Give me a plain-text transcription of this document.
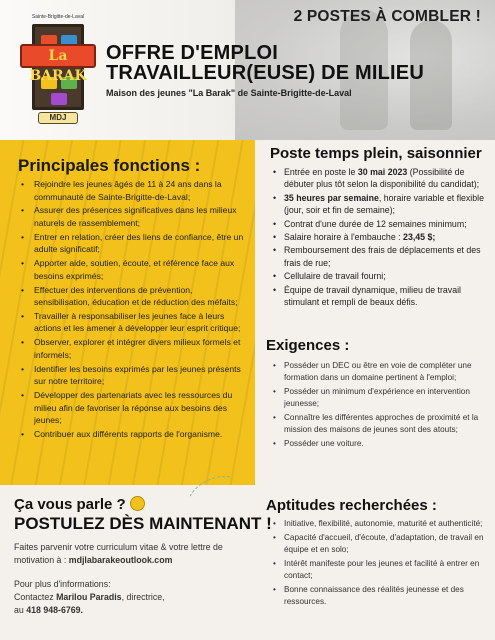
2 POSTES À COMBLER !
Sainte-Brigitte-de-Laval
La BARAK
MDJ
OFFRE D'EMPLOI
TRAVAILLEUR(EUSE) DE MILIEU
Maison des jeunes "La Barak" de Sainte-Brigitte-de-Laval
Principales fonctions :
• Rejoindre les jeunes âgés de 11 à 24 ans dans la communauté de Sainte-Brigitte-de-Laval;
• Assurer des présences significatives dans les milieux naturels de rassemblement;
• Entrer en relation, créer des liens de confiance, être un adulte significatif;
• Apporter aide, soutien, écoute, et référence face aux besoins exprimés;
• Effectuer des interventions de prévention, sensibilisation, éducation et de réduction des méfaits;
• Travailler à responsabiliser les jeunes face à leurs actions et les amener à développer leur esprit critique;
• Observer, explorer et intégrer divers milieux formels et informels;
• Identifier les besoins exprimés par les jeunes présents sur notre territoire;
• Développer des partenariats avec les ressources du milieu afin de favoriser la réponse aux besoins des jeunes;
• Contribuer aux différents rapports de l'organisme.
Ça vous parle ?
POSTULEZ DÈS MAINTENANT !
Faites parvenir votre curriculum vitae & votre lettre de motivation à : mdjlabarakeoutlook.com
Pour plus d'informations:
Contactez Marilou Paradis, directrice,
au 418 948-6769.
Poste temps plein, saisonnier
• Entrée en poste le 30 mai 2023 (Possibilité de débuter plus tôt selon la disponibilité du candidat);
• 35 heures par semaine, horaire variable et flexible (jour, soir et fin de semaine);
• Contrat d'une durée de 12 semaines minimum;
• Salaire horaire à l'embauche : 23,45 $;
• Remboursement des frais de déplacements et des frais de rue;
• Cellulaire de travail fourni;
• Équipe de travail dynamique, milieu de travail stimulant et rempli de beaux défis.
Exigences :
• Posséder un DEC ou être en voie de compléter une formation dans un domaine pertinent à l'emploi;
• Posséder un minimum d'expérience en intervention jeunesse;
• Connaître les différentes approches de proximité et la mission des maisons de jeunes sont des atouts;
• Posséder une voiture.
Aptitudes recherchées :
• Initiative, flexibilité, autonomie, maturité et authenticité;
• Capacité d'accueil, d'écoute, d'adaptation, de travail en équipe et en solo;
• Intérêt manifeste pour les jeunes et facilité à entrer en contact;
• Bonne connaissance des réalités jeunesse et des ressources.
